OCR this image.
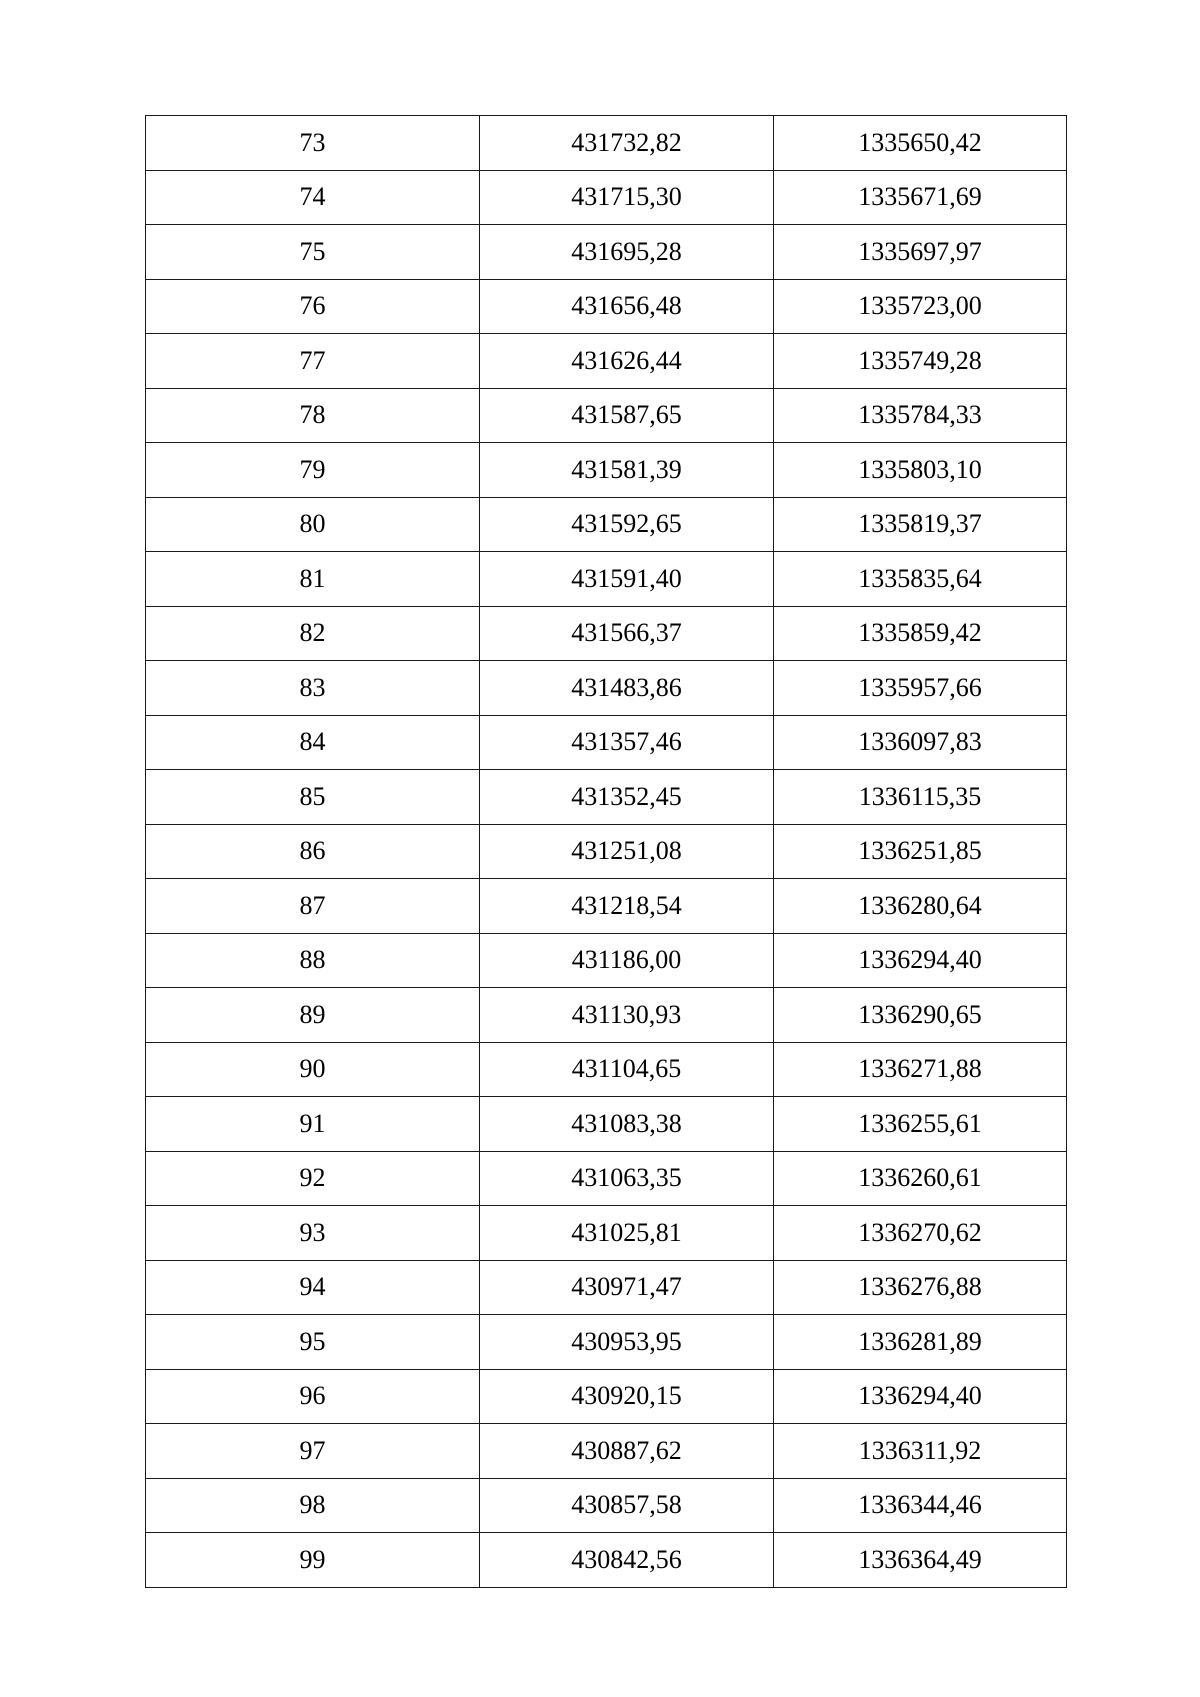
73	431732,82	1335650,42
74	431715,30	1335671,69
75	431695,28	1335697,97
76	431656,48	1335723,00
77	431626,44	1335749,28
78	431587,65	1335784,33
79	431581,39	1335803,10
80	431592,65	1335819,37
81	431591,40	1335835,64
82	431566,37	1335859,42
83	431483,86	1335957,66
84	431357,46	1336097,83
85	431352,45	1336115,35
86	431251,08	1336251,85
87	431218,54	1336280,64
88	431186,00	1336294,40
89	431130,93	1336290,65
90	431104,65	1336271,88
91	431083,38	1336255,61
92	431063,35	1336260,61
93	431025,81	1336270,62
94	430971,47	1336276,88
95	430953,95	1336281,89
96	430920,15	1336294,40
97	430887,62	1336311,92
98	430857,58	1336344,46
99	430842,56	1336364,49
